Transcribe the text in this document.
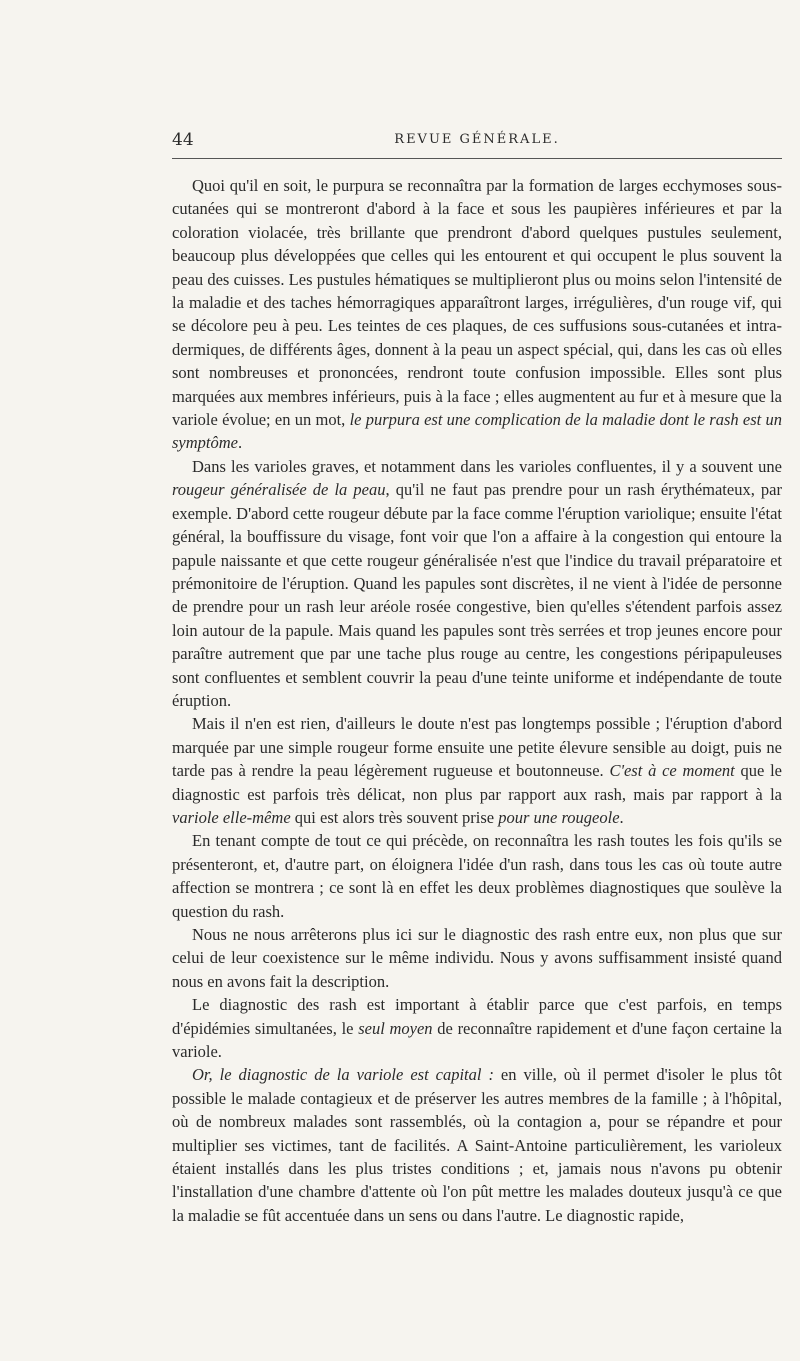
44	REVUE GÉNÉRALE.

Quoi qu'il en soit, le purpura se reconnaîtra par la formation de larges ecchymoses sous-cutanées qui se montreront d'abord à la face et sous les paupières inférieures et par la coloration violacée, très brillante que prendront d'abord quelques pustules seulement, beaucoup plus développées que celles qui les entourent et qui occupent le plus souvent la peau des cuisses. Les pustules hématiques se multiplieront plus ou moins selon l'intensité de la maladie et des taches hémorragiques apparaîtront larges, irrégulières, d'un rouge vif, qui se décolore peu à peu. Les teintes de ces plaques, de ces suffusions sous-cutanées et intra-dermiques, de différents âges, donnent à la peau un aspect spécial, qui, dans les cas où elles sont nombreuses et prononcées, rendront toute confusion impossible. Elles sont plus marquées aux membres inférieurs, puis à la face ; elles augmentent au fur et à mesure que la variole évolue; en un mot, le purpura est une complication de la maladie dont le rash est un symptôme.

Dans les varioles graves, et notamment dans les varioles confluentes, il y a souvent une rougeur généralisée de la peau, qu'il ne faut pas prendre pour un rash érythémateux, par exemple. D'abord cette rougeur débute par la face comme l'éruption variolique; ensuite l'état général, la bouffissure du visage, font voir que l'on a affaire à la congestion qui entoure la papule naissante et que cette rougeur généralisée n'est que l'indice du travail préparatoire et prémonitoire de l'éruption. Quand les papules sont discrètes, il ne vient à l'idée de personne de prendre pour un rash leur aréole rosée congestive, bien qu'elles s'étendent parfois assez loin autour de la papule. Mais quand les papules sont très serrées et trop jeunes encore pour paraître autrement que par une tache plus rouge au centre, les congestions péripapuleuses sont confluentes et semblent couvrir la peau d'une teinte uniforme et indépendante de toute éruption.

Mais il n'en est rien, d'ailleurs le doute n'est pas longtemps possible ; l'éruption d'abord marquée par une simple rougeur forme ensuite une petite élevure sensible au doigt, puis ne tarde pas à rendre la peau légèrement rugueuse et boutonneuse. C'est à ce moment que le diagnostic est parfois très délicat, non plus par rapport aux rash, mais par rapport à la variole elle-même qui est alors très souvent prise pour une rougeole.

En tenant compte de tout ce qui précède, on reconnaîtra les rash toutes les fois qu'ils se présenteront, et, d'autre part, on éloignera l'idée d'un rash, dans tous les cas où toute autre affection se montrera ; ce sont là en effet les deux problèmes diagnostiques que soulève la question du rash.

Nous ne nous arrêterons plus ici sur le diagnostic des rash entre eux, non plus que sur celui de leur coexistence sur le même individu. Nous y avons suffisamment insisté quand nous en avons fait la description.

Le diagnostic des rash est important à établir parce que c'est parfois, en temps d'épidémies simultanées, le seul moyen de reconnaître rapidement et d'une façon certaine la variole.

Or, le diagnostic de la variole est capital : en ville, où il permet d'isoler le plus tôt possible le malade contagieux et de préserver les autres membres de la famille ; à l'hôpital, où de nombreux malades sont rassemblés, où la contagion a, pour se répandre et pour multiplier ses victimes, tant de facilités. A Saint-Antoine particulièrement, les varioleux étaient installés dans les plus tristes conditions ; et, jamais nous n'avons pu obtenir l'installation d'une chambre d'attente où l'on pût mettre les malades douteux jusqu'à ce que la maladie se fût accentuée dans un sens ou dans l'autre. Le diagnostic rapide,
